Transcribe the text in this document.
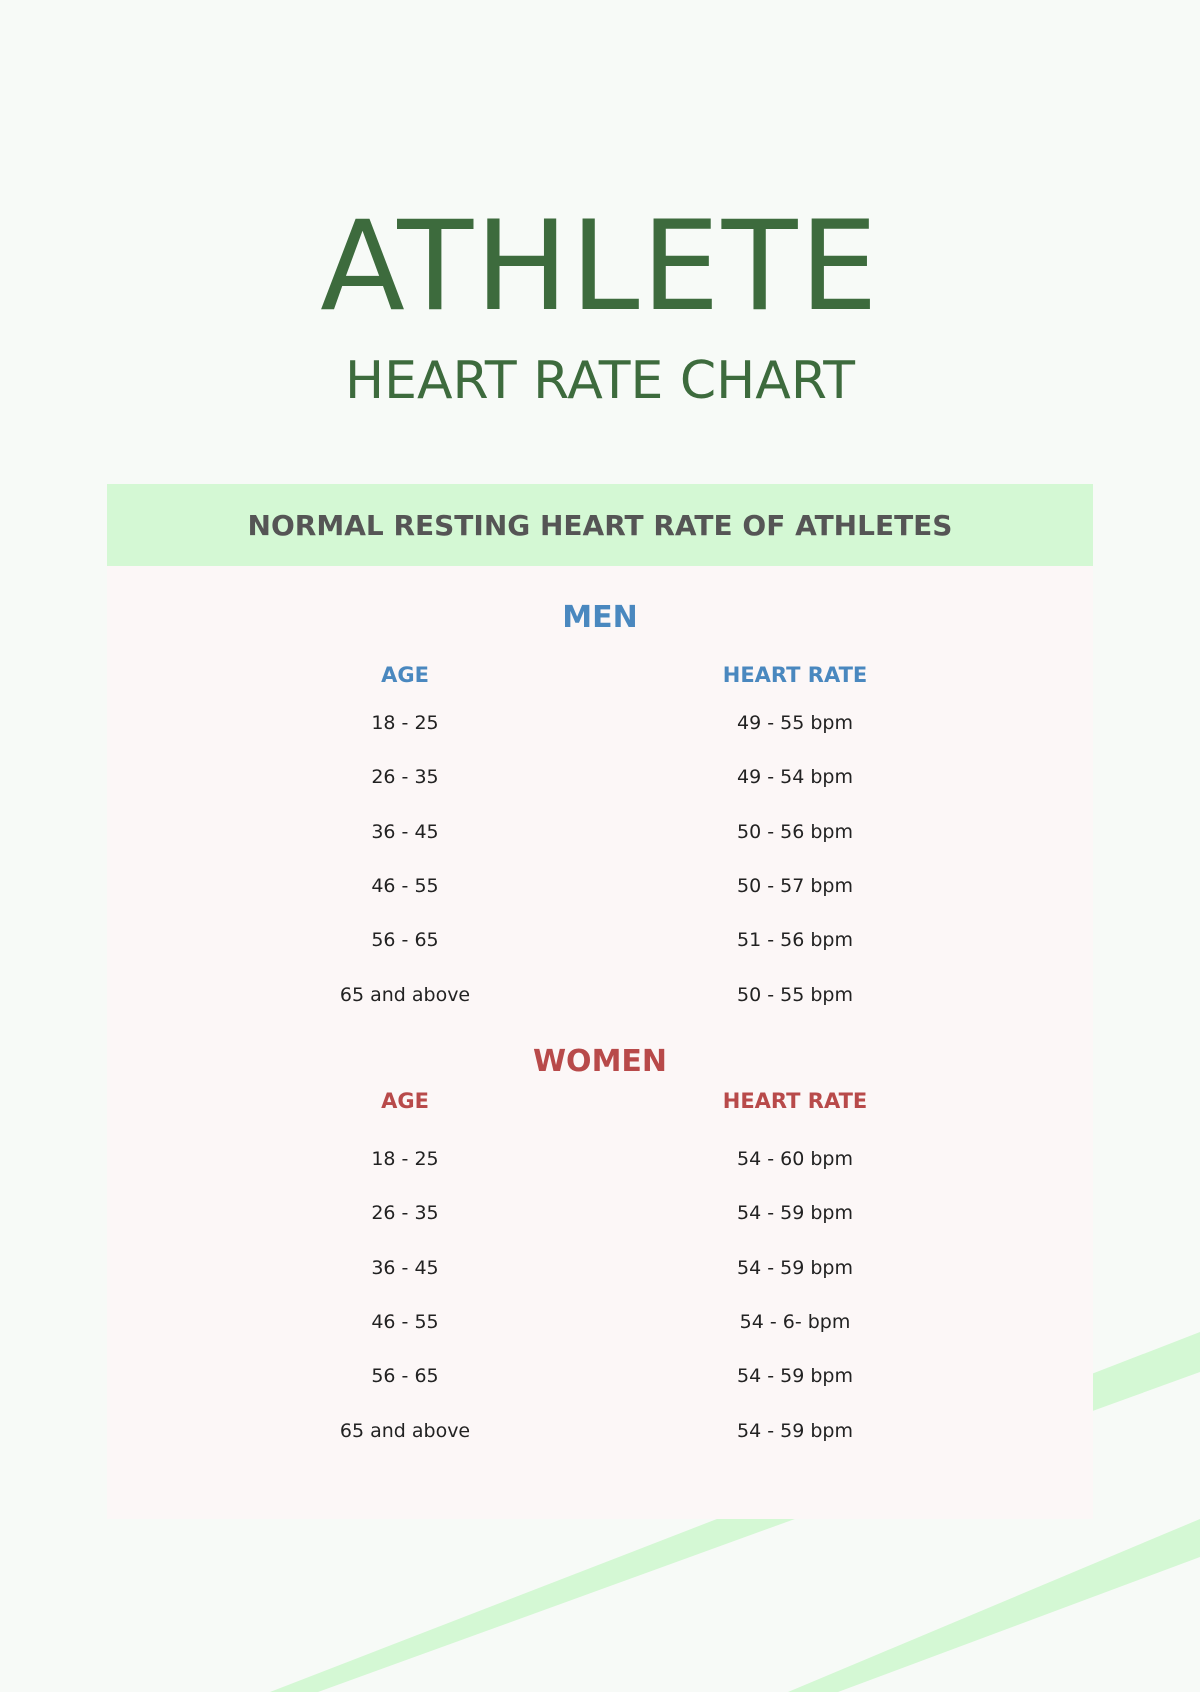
ATHLETE
HEART RATE CHART
NORMAL RESTING HEART RATE OF ATHLETES
MEN
AGE	HEART RATE
18 - 25	49 - 55 bpm
26 - 35	49 - 54 bpm
36 - 45	50 - 56 bpm
46 - 55	50 - 57 bpm
56 - 65	51 - 56 bpm
65 and above	50 - 55 bpm
WOMEN
AGE	HEART RATE
18 - 25	54 - 60 bpm
26 - 35	54 - 59 bpm
36 - 45	54 - 59 bpm
46 - 55	54 - 6- bpm
56 - 65	54 - 59 bpm
65 and above	54 - 59 bpm
